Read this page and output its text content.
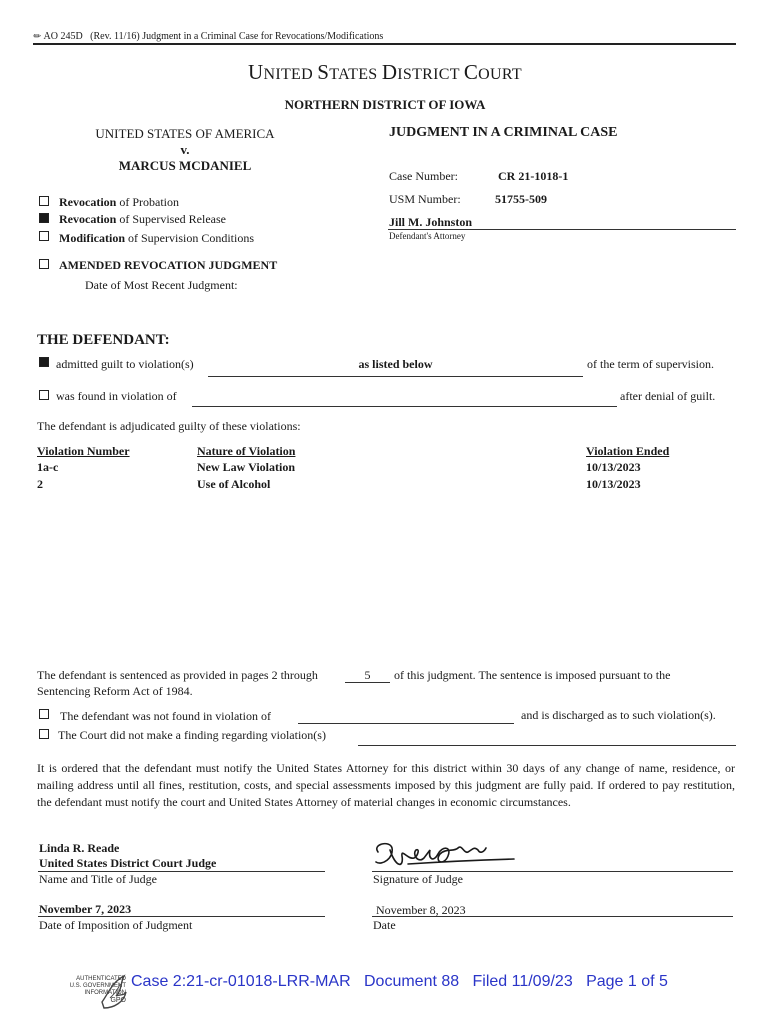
✎ AO 245D (Rev. 11/16) Judgment in a Criminal Case for Revocations/Modifications
UNITED STATES DISTRICT COURT
NORTHERN DISTRICT OF IOWA
UNITED STATES OF AMERICA
v.
MARCUS MCDANIEL
JUDGMENT IN A CRIMINAL CASE
Case Number:	CR 21-1018-1
USM Number:	51755-509
Jill M. Johnston
Defendant's Attorney
Revocation of Probation
Revocation of Supervised Release
Modification of Supervision Conditions
AMENDED REVOCATION JUDGMENT
Date of Most Recent Judgment:
THE DEFENDANT:
admitted guilt to violation(s)	as listed below	of the term of supervision.
was found in violation of	after denial of guilt.
The defendant is adjudicated guilty of these violations:
Violation Number	Nature of Violation	Violation Ended
1a-c	New Law Violation	10/13/2023
2	Use of Alcohol	10/13/2023
The defendant is sentenced as provided in pages 2 through	5	of this judgment. The sentence is imposed pursuant to the
Sentencing Reform Act of 1984.
The defendant was not found in violation of	and is discharged as to such violation(s).
The Court did not make a finding regarding violation(s)
It is ordered that the defendant must notify the United States Attorney for this district within 30 days of any change of name, residence, or mailing address until all fines, restitution, costs, and special assessments imposed by this judgment are fully paid. If ordered to pay restitution, the defendant must notify the court and United States Attorney of material changes in economic circumstances.
Linda R. Reade
United States District Court Judge
Name and Title of Judge	Signature of Judge
November 7, 2023
Date of Imposition of Judgment
November 8, 2023
Date
AUTHENTICATED
U.S. GOVERNMENT
INFORMATION
GPO
Case 2:21-cr-01018-LRR-MAR Document 88 Filed 11/09/23 Page 1 of 5
